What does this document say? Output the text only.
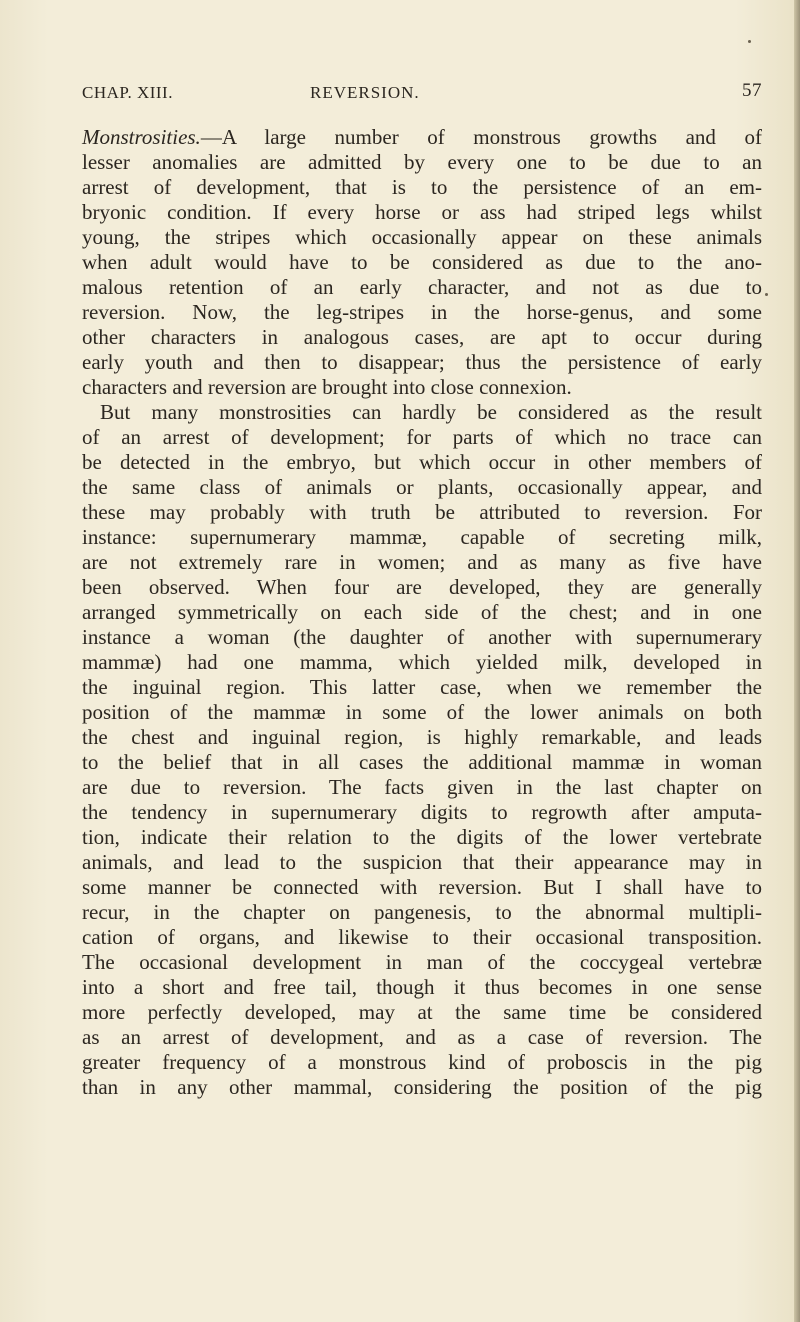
CHAP. XIII.	REVERSION.	57
Monstrosities.—A large number of monstrous growths and of
lesser anomalies are admitted by every one to be due to an
arrest of development, that is to the persistence of an em-
bryonic condition. If every horse or ass had striped legs whilst
young, the stripes which occasionally appear on these animals
when adult would have to be considered as due to the ano-
malous retention of an early character, and not as due to
reversion. Now, the leg-stripes in the horse-genus, and some
other characters in analogous cases, are apt to occur during
early youth and then to disappear; thus the persistence of early
characters and reversion are brought into close connexion.
But many monstrosities can hardly be considered as the result
of an arrest of development; for parts of which no trace can
be detected in the embryo, but which occur in other members of
the same class of animals or plants, occasionally appear, and
these may probably with truth be attributed to reversion. For
instance: supernumerary mammæ, capable of secreting milk,
are not extremely rare in women; and as many as five have
been observed. When four are developed, they are generally
arranged symmetrically on each side of the chest; and in one
instance a woman (the daughter of another with supernumerary
mammæ) had one mamma, which yielded milk, developed in
the inguinal region. This latter case, when we remember the
position of the mammæ in some of the lower animals on both
the chest and inguinal region, is highly remarkable, and leads
to the belief that in all cases the additional mammæ in woman
are due to reversion. The facts given in the last chapter on
the tendency in supernumerary digits to regrowth after amputa-
tion, indicate their relation to the digits of the lower vertebrate
animals, and lead to the suspicion that their appearance may in
some manner be connected with reversion. But I shall have to
recur, in the chapter on pangenesis, to the abnormal multipli-
cation of organs, and likewise to their occasional transposition.
The occasional development in man of the coccygeal vertebræ
into a short and free tail, though it thus becomes in one sense
more perfectly developed, may at the same time be considered
as an arrest of development, and as a case of reversion. The
greater frequency of a monstrous kind of proboscis in the pig
than in any other mammal, considering the position of the pig
